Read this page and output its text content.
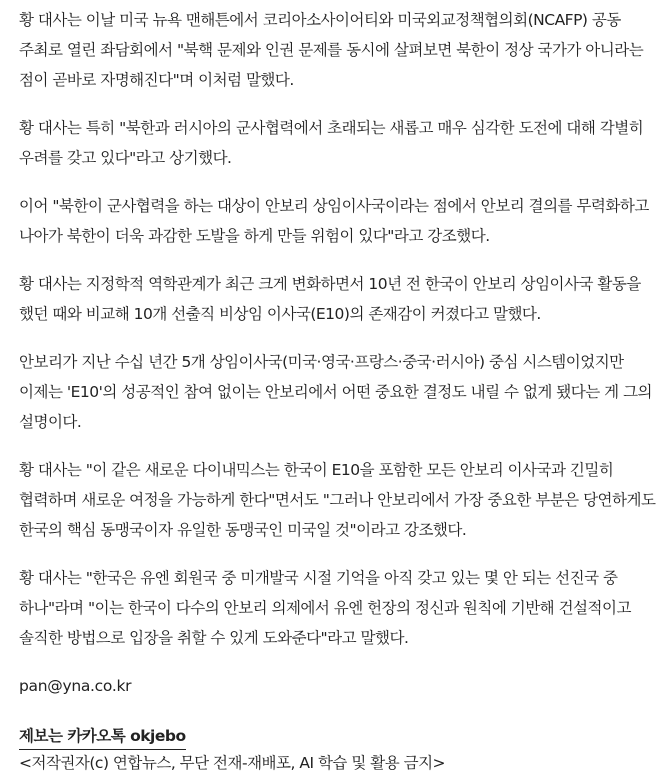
황 대사는 이날 미국 뉴욕 맨해튼에서 코리아소사이어티와 미국외교정책협의회(NCAFP) 공동 주최로 열린 좌담회에서 "북핵 문제와 인권 문제를 동시에 살펴보면 북한이 정상 국가가 아니라는 점이 곧바로 자명해진다"며 이처럼 말했다.

황 대사는 특히 "북한과 러시아의 군사협력에서 초래되는 새롭고 매우 심각한 도전에 대해 각별히 우려를 갖고 있다"라고 상기했다.

이어 "북한이 군사협력을 하는 대상이 안보리 상임이사국이라는 점에서 안보리 결의를 무력화하고 나아가 북한이 더욱 과감한 도발을 하게 만들 위험이 있다"라고 강조했다.

황 대사는 지정학적 역학관계가 최근 크게 변화하면서 10년 전 한국이 안보리 상임이사국 활동을 했던 때와 비교해 10개 선출직 비상임 이사국(E10)의 존재감이 커졌다고 말했다.

안보리가 지난 수십 년간 5개 상임이사국(미국·영국·프랑스·중국·러시아) 중심 시스템이었지만 이제는 'E10'의 성공적인 참여 없이는 안보리에서 어떤 중요한 결정도 내릴 수 없게 됐다는 게 그의 설명이다.

황 대사는 "이 같은 새로운 다이내믹스는 한국이 E10을 포함한 모든 안보리 이사국과 긴밀히 협력하며 새로운 여정을 가능하게 한다"면서도 "그러나 안보리에서 가장 중요한 부분은 당연하게도 한국의 핵심 동맹국이자 유일한 동맹국인 미국일 것"이라고 강조했다.

황 대사는 "한국은 유엔 회원국 중 미개발국 시절 기억을 아직 갖고 있는 몇 안 되는 선진국 중 하나"라며 "이는 한국이 다수의 안보리 의제에서 유엔 헌장의 정신과 원칙에 기반해 건설적이고 솔직한 방법으로 입장을 취할 수 있게 도와준다"라고 말했다.

pan@yna.co.kr
제보는 카카오톡 okjebo
<저작권자(c) 연합뉴스, 무단 전재-재배포, AI 학습 및 활용 금지>
